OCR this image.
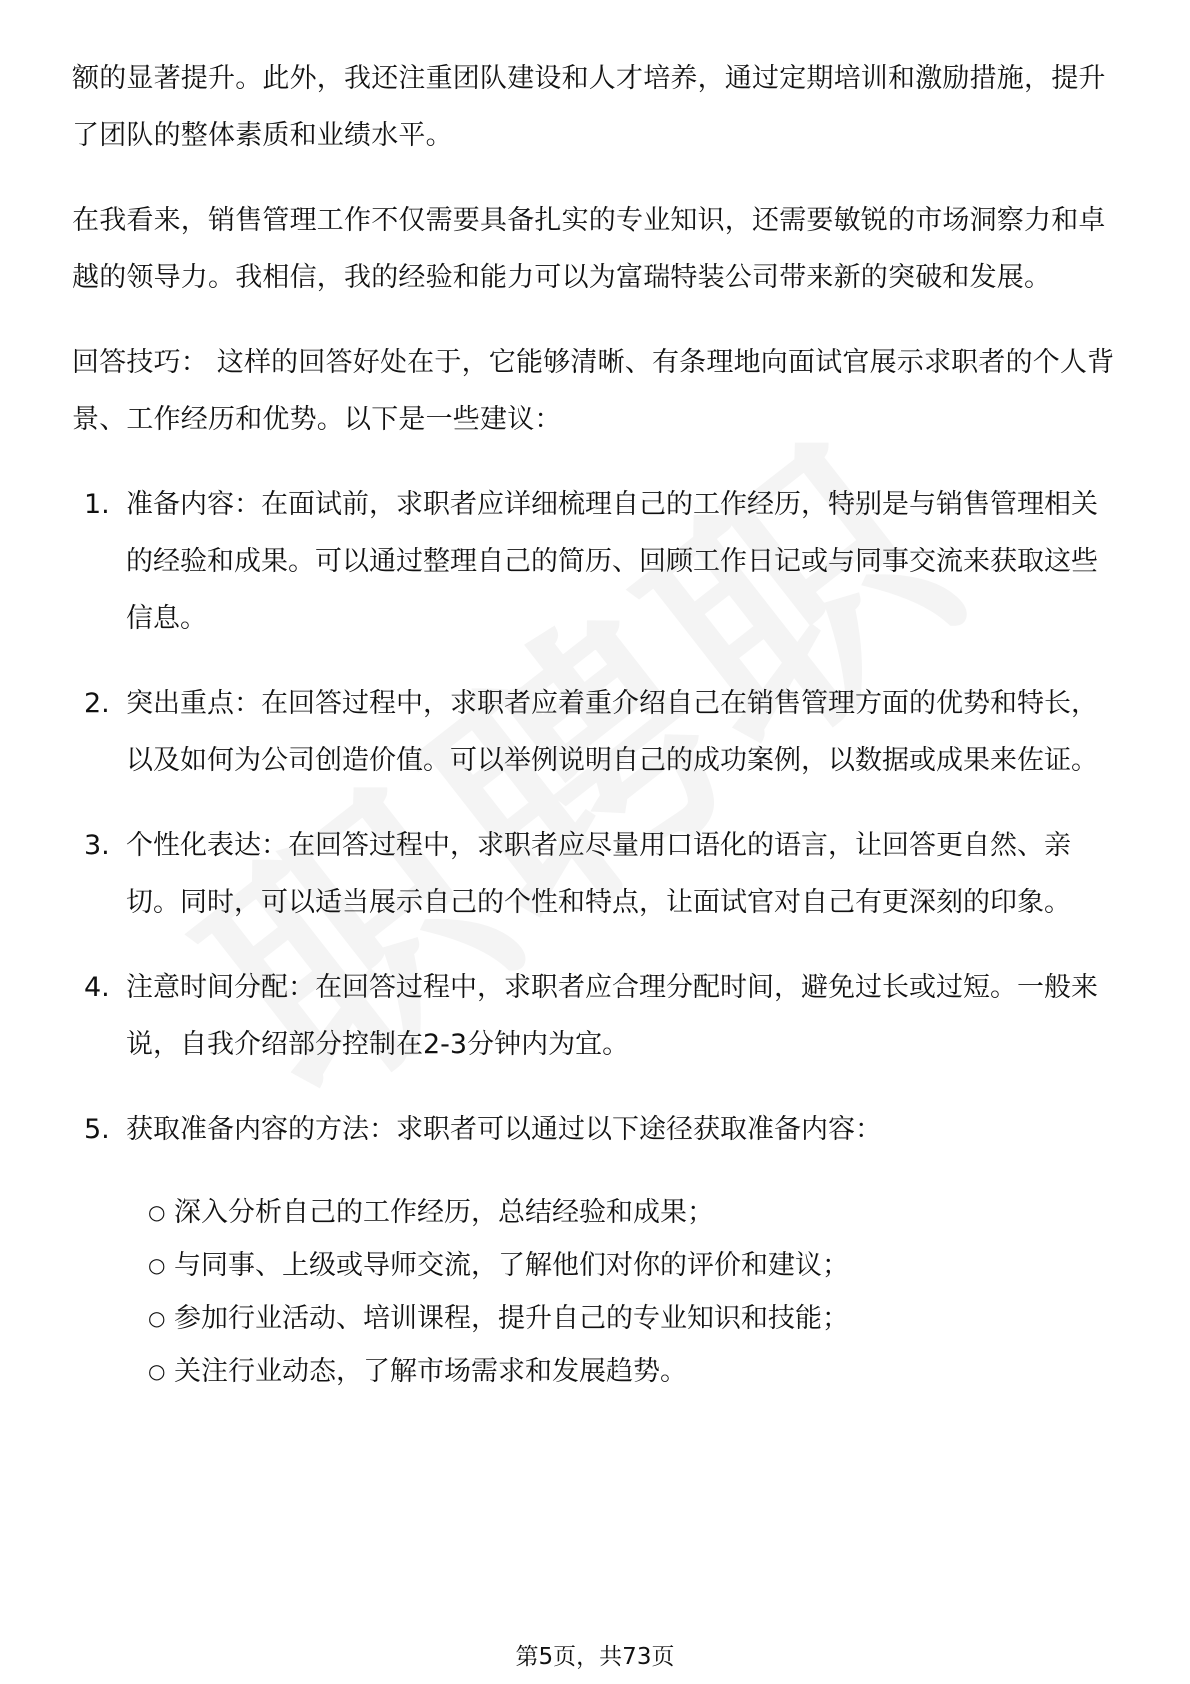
额的显著提升。此外，我还注重团队建设和人才培养，通过定期培训和激励措施，提升了团队的整体素质和业绩水平。

在我看来，销售管理工作不仅需要具备扎实的专业知识，还需要敏锐的市场洞察力和卓越的领导力。我相信，我的经验和能力可以为富瑞特装公司带来新的突破和发展。

回答技巧： 这样的回答好处在于，它能够清晰、有条理地向面试官展示求职者的个人背景、工作经历和优势。以下是一些建议：

1. 准备内容：在面试前，求职者应详细梳理自己的工作经历，特别是与销售管理相关的经验和成果。可以通过整理自己的简历、回顾工作日记或与同事交流来获取这些信息。
2. 突出重点：在回答过程中，求职者应着重介绍自己在销售管理方面的优势和特长，以及如何为公司创造价值。可以举例说明自己的成功案例，以数据或成果来佐证。
3. 个性化表达：在回答过程中，求职者应尽量用口语化的语言，让回答更自然、亲切。同时，可以适当展示自己的个性和特点，让面试官对自己有更深刻的印象。
4. 注意时间分配：在回答过程中，求职者应合理分配时间，避免过长或过短。一般来说，自我介绍部分控制在2-3分钟内为宜。
5. 获取准备内容的方法：求职者可以通过以下途径获取准备内容：
○ 深入分析自己的工作经历，总结经验和成果；
○ 与同事、上级或导师交流，了解他们对你的评价和建议；
○ 参加行业活动、培训课程，提升自己的专业知识和技能；
○ 关注行业动态，了解市场需求和发展趋势。
第5页，共73页
